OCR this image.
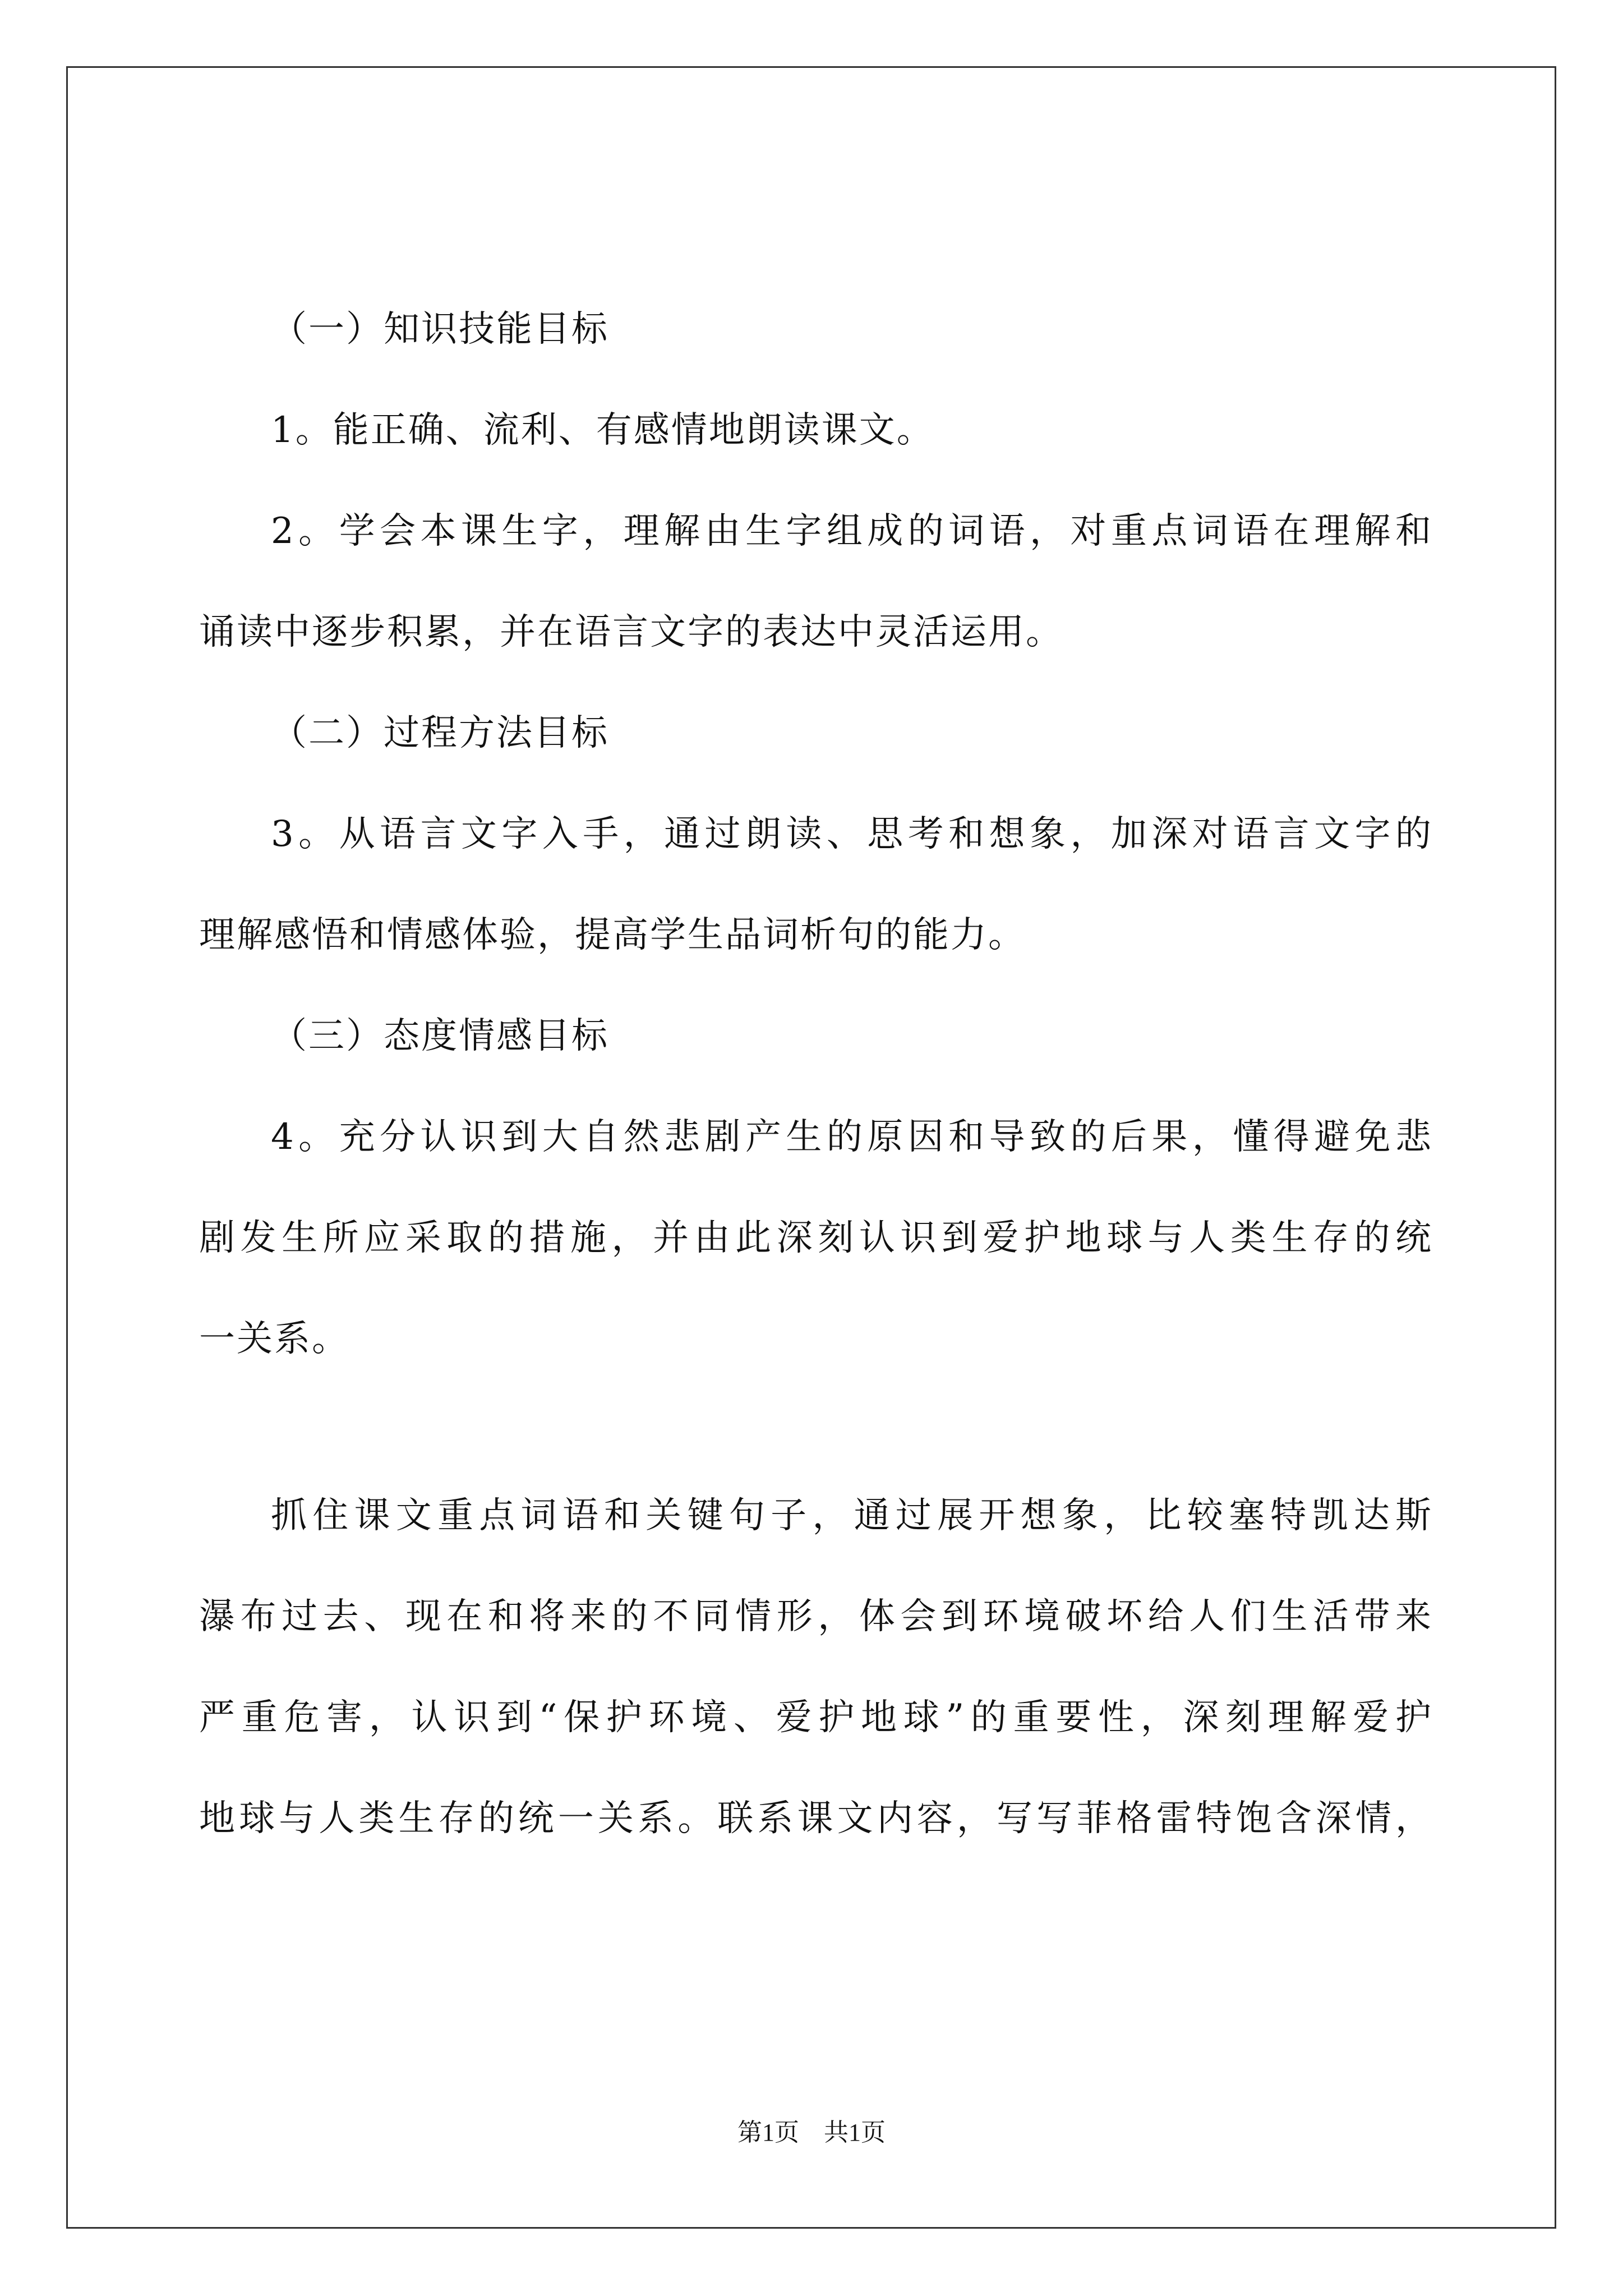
（一）知识技能目标
1。能正确、流利、有感情地朗读课文。
2。学会本课生字，理解由生字组成的词语，对重点词语在理解和
诵读中逐步积累，并在语言文字的表达中灵活运用。
（二）过程方法目标
3。从语言文字入手，通过朗读、思考和想象，加深对语言文字的
理解感悟和情感体验，提高学生品词析句的能力。
（三）态度情感目标
4。充分认识到大自然悲剧产生的原因和导致的后果，懂得避免悲
剧发生所应采取的措施，并由此深刻认识到爱护地球与人类生存的统
一关系。
抓住课文重点词语和关键句子，通过展开想象，比较塞特凯达斯
瀑布过去、现在和将来的不同情形，体会到环境破坏给人们生活带来
严重危害，认识到“保护环境、爱护地球”的重要性，深刻理解爱护
地球与人类生存的统一关系。联系课文内容，写写菲格雷特饱含深情，
第1页　共1页
